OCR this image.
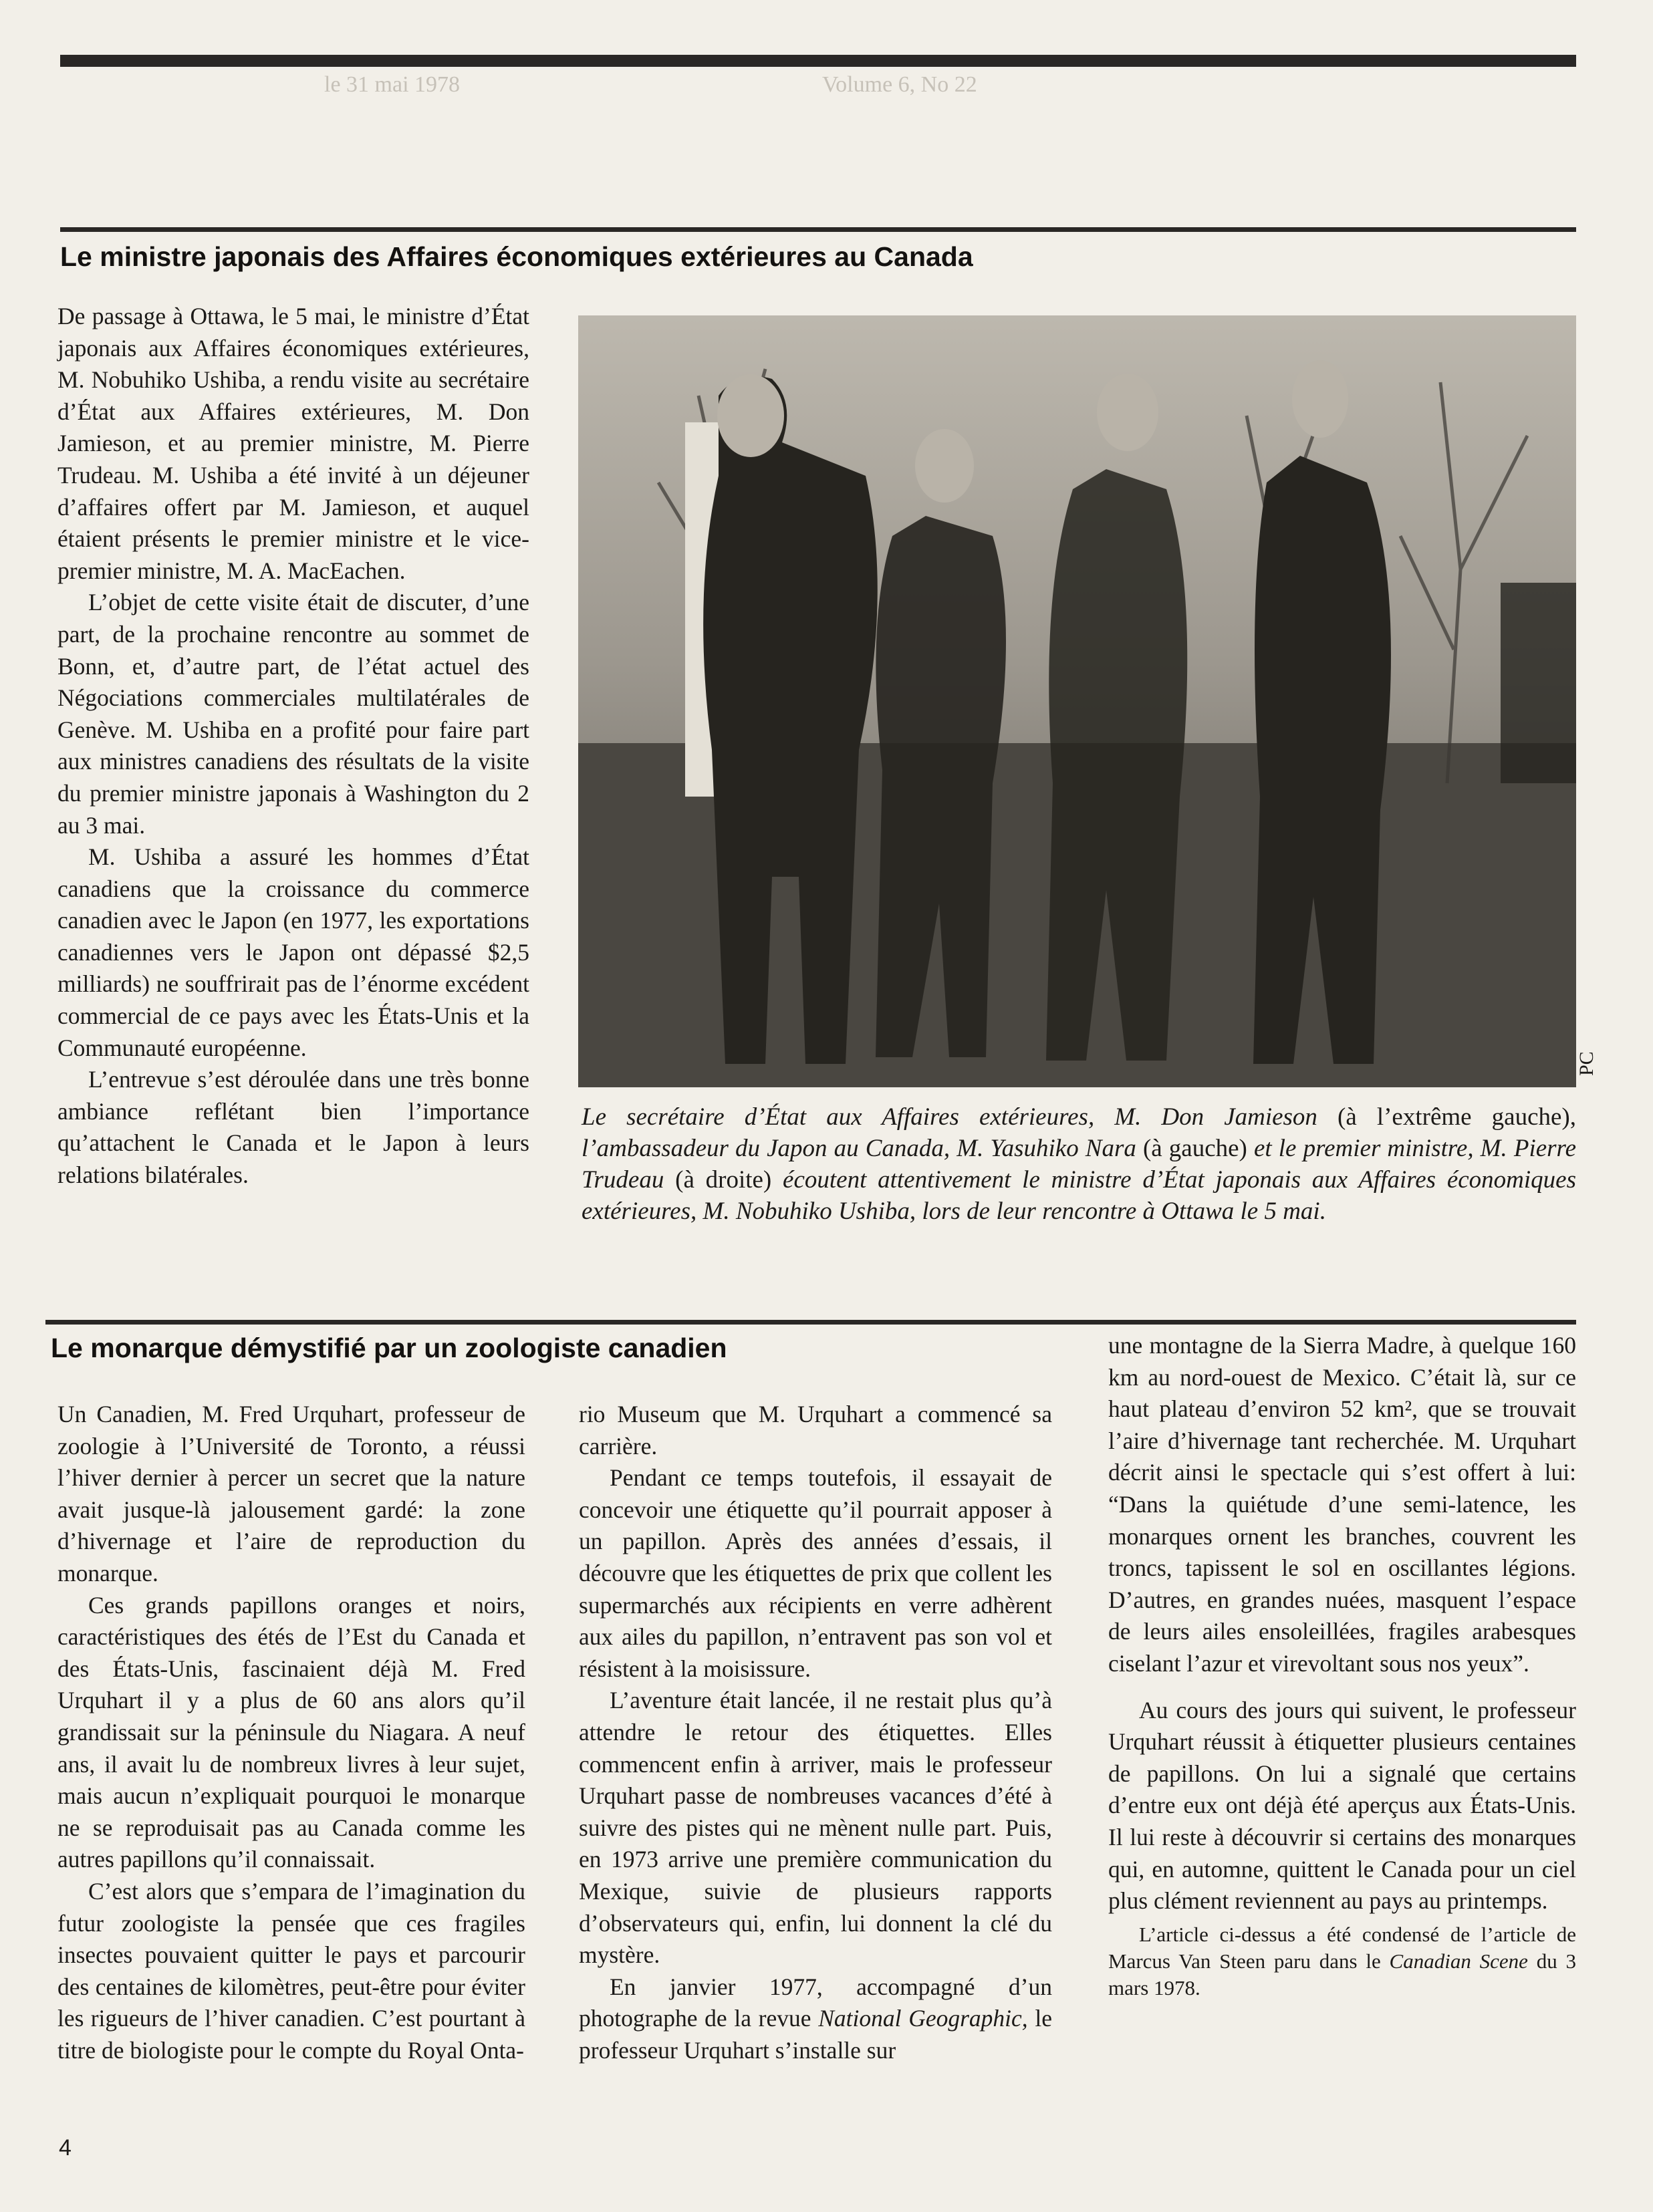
le 31 mai 1978	Volume 6, No 22
Le ministre japonais des Affaires économiques extérieures au Canada

De passage à Ottawa, le 5 mai, le ministre d’État japonais aux Affaires économiques extérieures, M. Nobuhiko Ushiba, a rendu visite au secrétaire d’État aux Affaires extérieures, M. Don Jamieson, et au premier ministre, M. Pierre Trudeau. M. Ushiba a été invité à un déjeuner d’affaires offert par M. Jamieson, et auquel étaient présents le premier ministre et le vice-premier ministre, M. A. MacEachen.

L’objet de cette visite était de discuter, d’une part, de la prochaine rencontre au sommet de Bonn, et, d’autre part, de l’état actuel des Négociations commerciales multilatérales de Genève. M. Ushiba en a profité pour faire part aux ministres canadiens des résultats de la visite du premier ministre japonais à Washington du 2 au 3 mai.

M. Ushiba a assuré les hommes d’État canadiens que la croissance du commerce canadien avec le Japon (en 1977, les exportations canadiennes vers le Japon ont dépassé $2,5 milliards) ne souffrirait pas de l’énorme excédent commercial de ce pays avec les États-Unis et la Communauté européenne.

L’entrevue s’est déroulée dans une très bonne ambiance reflétant bien l’importance qu’attachent le Canada et le Japon à leurs relations bilatérales.

PC

Le secrétaire d’État aux Affaires extérieures, M. Don Jamieson (à l’extrême gauche), l’ambassadeur du Japon au Canada, M. Yasuhiko Nara (à gauche) et le premier ministre, M. Pierre Trudeau (à droite) écoutent attentivement le ministre d’État japonais aux Affaires économiques extérieures, M. Nobuhiko Ushiba, lors de leur rencontre à Ottawa le 5 mai.

Le monarque démystifié par un zoologiste canadien

Un Canadien, M. Fred Urquhart, professeur de zoologie à l’Université de Toronto, a réussi l’hiver dernier à percer un secret que la nature avait jusque-là jalousement gardé: la zone d’hivernage et l’aire de reproduction du monarque.

Ces grands papillons oranges et noirs, caractéristiques des étés de l’Est du Canada et des États-Unis, fascinaient déjà M. Fred Urquhart il y a plus de 60 ans alors qu’il grandissait sur la péninsule du Niagara. A neuf ans, il avait lu de nombreux livres à leur sujet, mais aucun n’expliquait pourquoi le monarque ne se reproduisait pas au Canada comme les autres papillons qu’il connaissait.

C’est alors que s’empara de l’imagination du futur zoologiste la pensée que ces fragiles insectes pouvaient quitter le pays et parcourir des centaines de kilomètres, peut-être pour éviter les rigueurs de l’hiver canadien. C’est pourtant à titre de biologiste pour le compte du Royal Onta-

rio Museum que M. Urquhart a commencé sa carrière.

Pendant ce temps toutefois, il essayait de concevoir une étiquette qu’il pourrait apposer à un papillon. Après des années d’essais, il découvre que les étiquettes de prix que collent les supermarchés aux récipients en verre adhèrent aux ailes du papillon, n’entravent pas son vol et résistent à la moisissure.

L’aventure était lancée, il ne restait plus qu’à attendre le retour des étiquettes. Elles commencent enfin à arriver, mais le professeur Urquhart passe de nombreuses vacances d’été à suivre des pistes qui ne mènent nulle part. Puis, en 1973 arrive une première communication du Mexique, suivie de plusieurs rapports d’observateurs qui, enfin, lui donnent la clé du mystère.

En janvier 1977, accompagné d’un photographe de la revue National Geographic, le professeur Urquhart s’installe sur

une montagne de la Sierra Madre, à quelque 160 km au nord-ouest de Mexico. C’était là, sur ce haut plateau d’environ 52 km², que se trouvait l’aire d’hivernage tant recherchée. M. Urquhart décrit ainsi le spectacle qui s’est offert à lui: “Dans la quiétude d’une semi-latence, les monarques ornent les branches, couvrent les troncs, tapissent le sol en oscillantes légions. D’autres, en grandes nuées, masquent l’espace de leurs ailes ensoleillées, fragiles arabesques ciselant l’azur et virevoltant sous nos yeux”.

Au cours des jours qui suivent, le professeur Urquhart réussit à étiquetter plusieurs centaines de papillons. On lui a signalé que certains d’entre eux ont déjà été aperçus aux États-Unis. Il lui reste à découvrir si certains des monarques qui, en automne, quittent le Canada pour un ciel plus clément reviennent au pays au printemps.

L’article ci-dessus a été condensé de l’article de Marcus Van Steen paru dans le Canadian Scene du 3 mars 1978.

4
